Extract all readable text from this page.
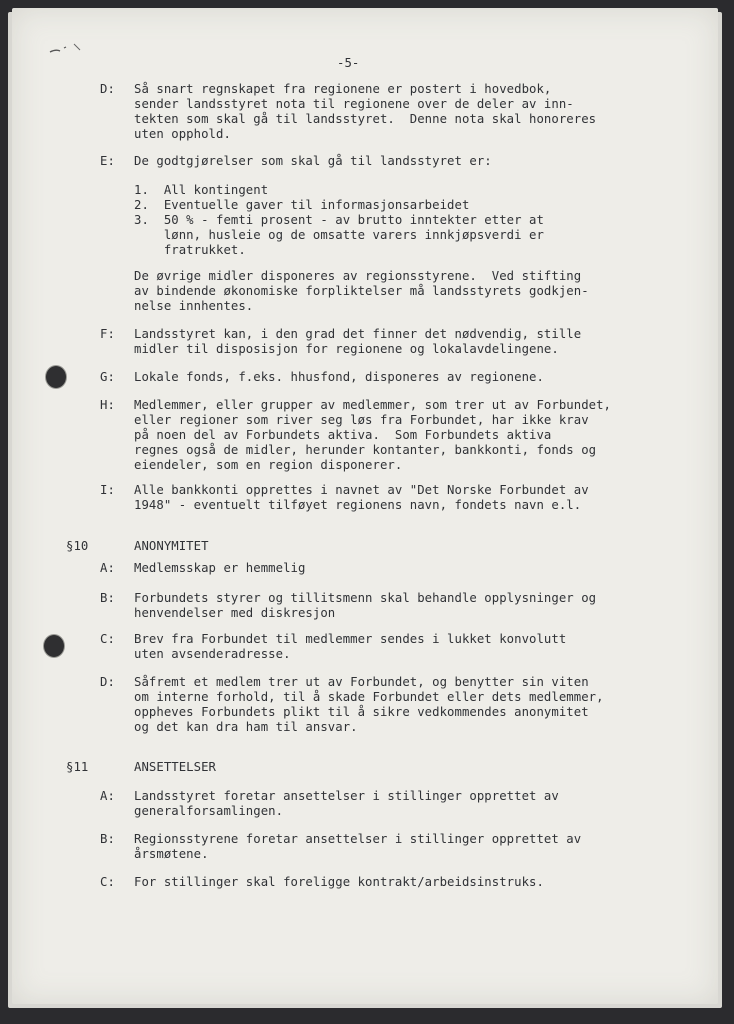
-5-
D: Så snart regnskapet fra regionene er postert i hovedbok,
sender landsstyret nota til regionene over de deler av inn-
tekten som skal gå til landsstyret.  Denne nota skal honoreres
uten opphold.
E: De godtgjørelser som skal gå til landsstyret er:
1.  All kontingent
2.  Eventuelle gaver til informasjonsarbeidet
3.  50 % - femti prosent - av brutto inntekter etter at
lønn, husleie og de omsatte varers innkjøpsverdi er
fratrukket.
De øvrige midler disponeres av regionsstyrene.  Ved stifting
av bindende økonomiske forpliktelser må landsstyrets godkjen-
nelse innhentes.
F: Landsstyret kan, i den grad det finner det nødvendig, stille
midler til disposisjon for regionene og lokalavdelingene.
G: Lokale fonds, f.eks. hhusfond, disponeres av regionene.
H: Medlemmer, eller grupper av medlemmer, som trer ut av Forbundet,
eller regioner som river seg løs fra Forbundet, har ikke krav
på noen del av Forbundets aktiva.  Som Forbundets aktiva
regnes også de midler, herunder kontanter, bankkonti, fonds og
eiendeler, som en region disponerer.
I: Alle bankkonti opprettes i navnet av "Det Norske Forbundet av
1948" - eventuelt tilføyet regionens navn, fondets navn e.l.
§10	ANONYMITET
A: Medlemsskap er hemmelig
B: Forbundets styrer og tillitsmenn skal behandle opplysninger og
henvendelser med diskresjon
C: Brev fra Forbundet til medlemmer sendes i lukket konvolutt
uten avsenderadresse.
D: Såfremt et medlem trer ut av Forbundet, og benytter sin viten
om interne forhold, til å skade Forbundet eller dets medlemmer,
oppheves Forbundets plikt til å sikre vedkommendes anonymitet
og det kan dra ham til ansvar.
§11	ANSETTELSER
A: Landsstyret foretar ansettelser i stillinger opprettet av
generalforsamlingen.
B: Regionsstyrene foretar ansettelser i stillinger opprettet av
årsmøtene.
C: For stillinger skal foreligge kontrakt/arbeidsinstruks.
